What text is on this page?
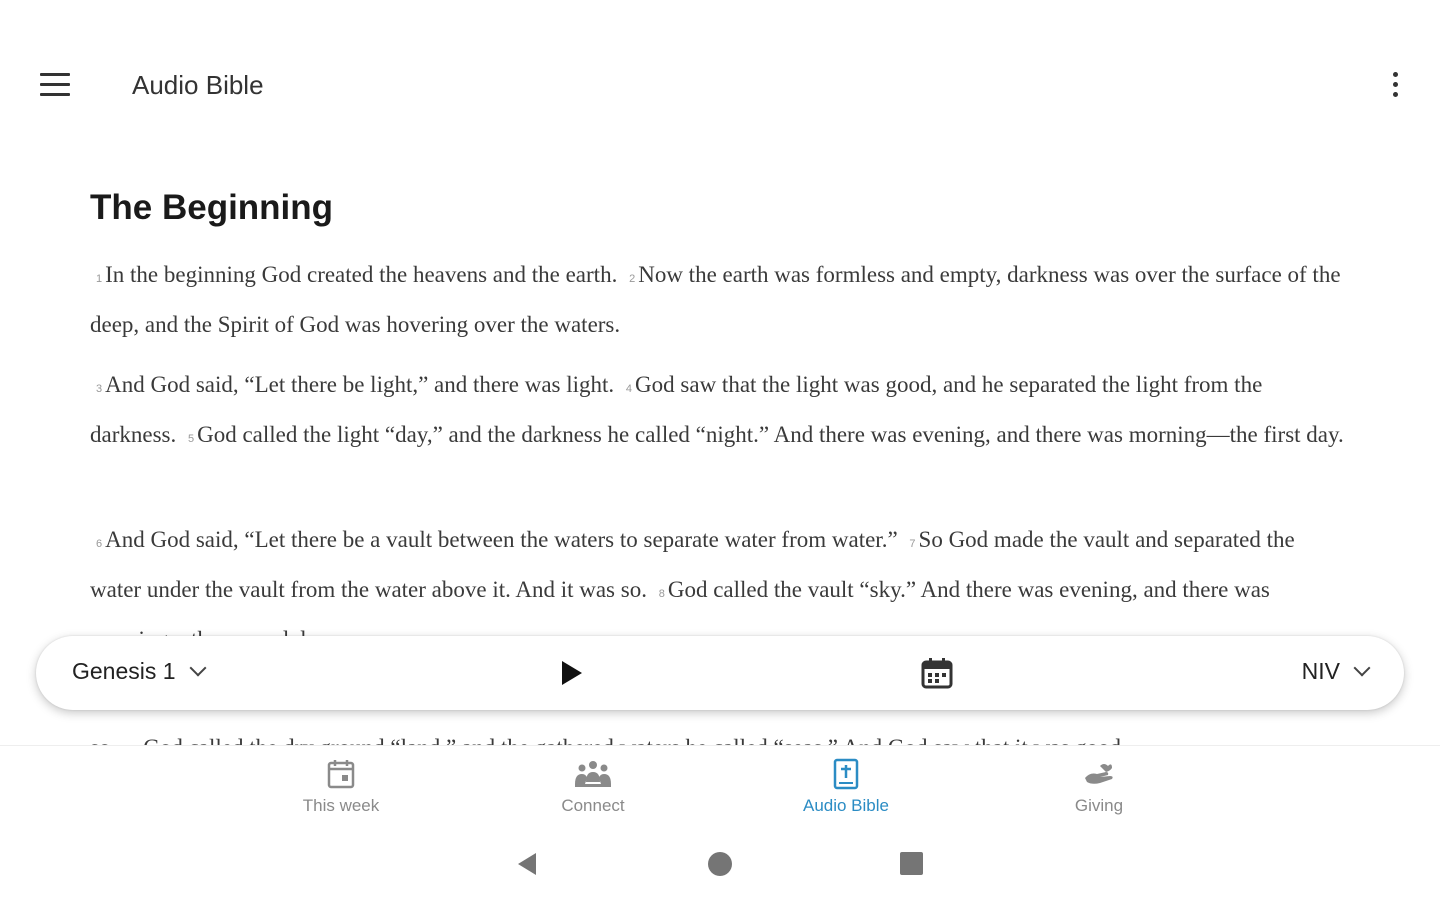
Audio Bible
The Beginning
1 In the beginning God created the heavens and the earth. 2 Now the earth was formless and empty, darkness was over the surface of the deep, and the Spirit of God was hovering over the waters.
3 And God said, “Let there be light,” and there was light. 4 God saw that the light was good, and he separated the light from the darkness. 5 God called the light “day,” and the darkness he called “night.” And there was evening, and there was morning—the first day.
6 And God said, “Let there be a vault between the waters to separate water from water.” 7 So God made the vault and separated the water under the vault from the water above it. And it was so. 8 God called the vault “sky.” And there was evening, and there was
Genesis 1	NIV
This week	Connect	Audio Bible	Giving
